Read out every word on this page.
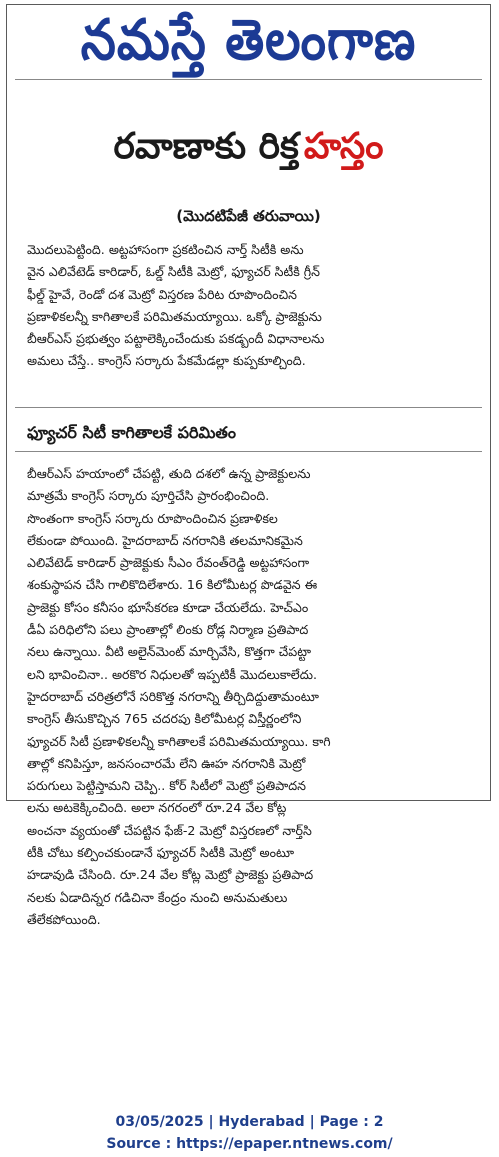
నమస్తే తెలంగాణ
రవాణాకు రిక్త హస్తం
(మొదటిపేజీ తరువాయి)
మొదలుపెట్టింది. అట్టహాసంగా ప్రకటించిన నార్త్ సిటీకి అను
వైన ఎలివేటెడ్ కారిడార్, ఓల్డ్ సిటీకి మెట్రో, ఫ్యూచర్ సిటీకి గ్రీన్
ఫీల్డ్ హైవే, రెండో దశ మెట్రో విస్తరణ పేరిట రూపొందించిన
ప్రణాళికలన్నీ కాగితాలకే పరిమితమయ్యాయి. ఒక్కో ప్రాజెక్టును
బీఆర్ఎస్ ప్రభుత్వం పట్టాలెక్కించేందుకు పకడ్బందీ విధానాలను
అమలు చేస్తే.. కాంగ్రెస్ సర్కారు పేకమేడల్లా కుప్పకూల్చింది.
ఫ్యూచర్ సిటీ కాగితాలకే పరిమితం
బీఆర్ఎస్ హయాంలో చేపట్టి, తుది దశలో ఉన్న ప్రాజెక్టులను
మాత్రమే కాంగ్రెస్ సర్కారు పూర్తిచేసి ప్రారంభించింది.
సొంతంగా కాంగ్రెస్ సర్కారు రూపొందించిన ప్రణాళికల
లేకుండా పోయింది. హైదరాబాద్ నగరానికి తలమానికమైన
ఎలివేటెడ్ కారిడార్ ప్రాజెక్టుకు సీఎం రేవంత్‌రెడ్డి అట్టహాసంగా
శంకుస్థాపన చేసి గాలికొదిలేశారు. 16 కిలోమీటర్ల పొడవైన ఈ
ప్రాజెక్టు కోసం కనీసం భూసేకరణ కూడా చేయలేదు. హెచ్ఎం
డీఏ పరిధిలోని పలు ప్రాంతాల్లో లింకు రోడ్ల నిర్మాణ ప్రతిపాద
నలు ఉన్నాయి. వీటి అలైన్‌మెంట్ మార్చివేసి, కొత్తగా చేపట్టా
లని భావించినా.. అరకొర నిధులతో ఇప్పటికీ మొదలుకాలేదు.
హైదరాబాద్ చరిత్రలోనే సరికొత్త నగరాన్ని తీర్చిదిద్దుతామంటూ
కాంగ్రెస్ తీసుకొచ్చిన 765 చదరపు కిలోమీటర్ల విస్తీర్ణంలోని
ఫ్యూచర్ సిటీ ప్రణాళికలన్నీ కాగితాలకే పరిమితమయ్యాయి. కాగి
తాల్లో కనిపిస్తూ, జనసంచారమే లేని ఊహ నగరానికి మెట్రో
పరుగులు పెట్టిస్తామని చెప్పి.. కోర్ సిటీలో మెట్రో ప్రతిపాదన
లను అటకెక్కించింది. అలా నగరంలో రూ.24 వేల కోట్ల
అంచనా వ్యయంతో చేపట్టిన ఫేజ్-2 మెట్రో విస్తరణలో నార్త్‌సి
టీకి చోటు కల్పించకుండానే ఫ్యూచర్ సిటీకి మెట్రో అంటూ
హడావుడి చేసింది. రూ.24 వేల కోట్ల మెట్రో ప్రాజెక్టు ప్రతిపాద
నలకు ఏడాదిన్నర గడిచినా కేంద్రం నుంచి అనుమతులు
తేలేకపోయింది.
03/05/2025 | Hyderabad | Page : 2
Source : https://epaper.ntnews.com/
